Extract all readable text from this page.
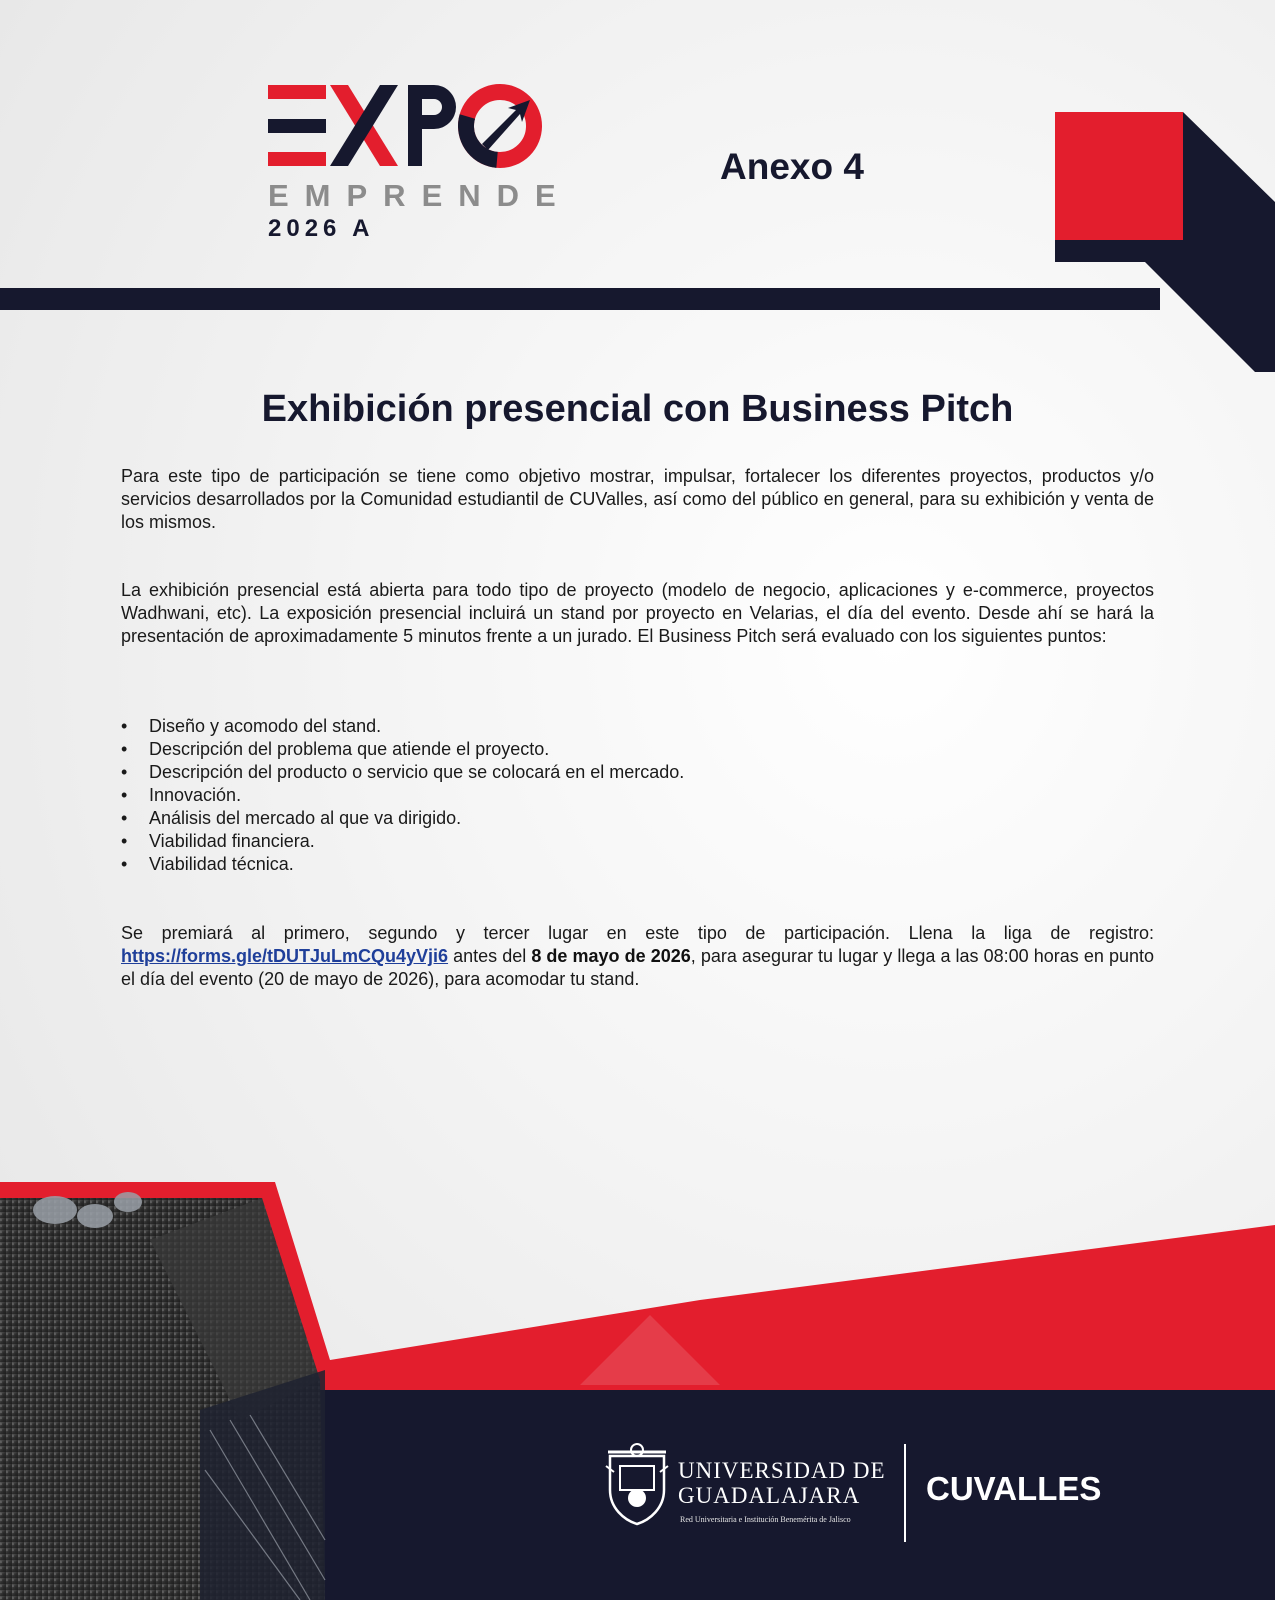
EMPRENDE
2026 A
Anexo 4
Exhibición presencial con Business Pitch

Para este tipo de participación se tiene como objetivo mostrar, impulsar, fortalecer los diferentes proyectos, productos y/o servicios desarrollados por la Comunidad estudiantil de CUValles, así como del público en general, para su exhibición y venta de los mismos.

La exhibición presencial está abierta para todo tipo de proyecto (modelo de negocio, aplicaciones y e-commerce, proyectos Wadhwani, etc). La exposición presencial incluirá un stand por proyecto en Velarias, el día del evento. Desde ahí se hará la presentación de aproximadamente 5 minutos frente a un jurado. El Business Pitch será evaluado con los siguientes puntos:

• Diseño y acomodo del stand.
• Descripción del problema que atiende el proyecto.
• Descripción del producto o servicio que se colocará en el mercado.
• Innovación.
• Análisis del mercado al que va dirigido.
• Viabilidad financiera.
• Viabilidad técnica.

Se premiará al primero, segundo y tercer lugar en este tipo de participación. Llena la liga de registro: https://forms.gle/tDUTJuLmCQu4yVji6 antes del 8 de mayo de 2026, para asegurar tu lugar y llega a las 08:00 horas en punto el día del evento (20 de mayo de 2026), para acomodar tu stand.

UNIVERSIDAD DE
GUADALAJARA
Red Universitaria e Institución Benemérita de Jalisco
CUVALLES
